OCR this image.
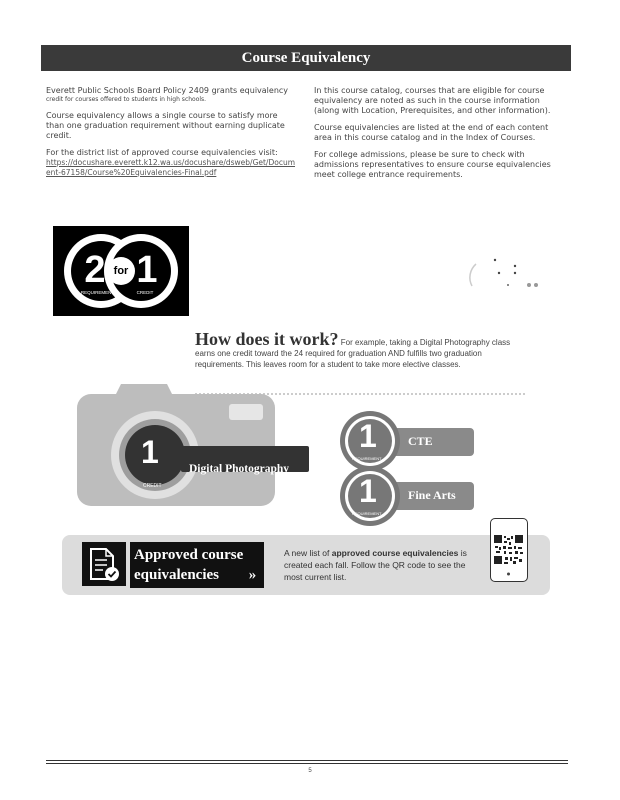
Course Equivalency

Everett Public Schools Board Policy 2409 grants equivalency
credit for courses offered to students in high schools.

Course equivalency allows a single course to satisfy more than one graduation requirement without earning duplicate credit.

For the district list of approved course equivalencies visit:
https://docushare.everett.k12.wa.us/docushare/dsweb/Get/Document-67158/Course%20Equivalencies-Final.pdf

In this course catalog, courses that are eligible for course equivalency are noted as such in the course information (along with Location, Prerequisites, and other information).

Course equivalencies are listed at the end of each content area in this course catalog and in the Index of Courses.

For college admissions, please be sure to check with admissions representatives to ensure course equivalencies meet college entrance requirements.

2 for 1
REQUIREMENTS	CREDIT
How does it work? For example, taking a Digital Photography class earns one credit toward the 24 required for graduation AND fulfills two graduation requirements. This leaves room for a student to take more elective classes.
1
CREDIT
Digital Photography
1
REQUIREMENT
CTE
1
REQUIREMENT
Fine Arts
Approved course
equivalencies »
A new list of approved course equivalencies is created each fall. Follow the QR code to see the most current list.
5
